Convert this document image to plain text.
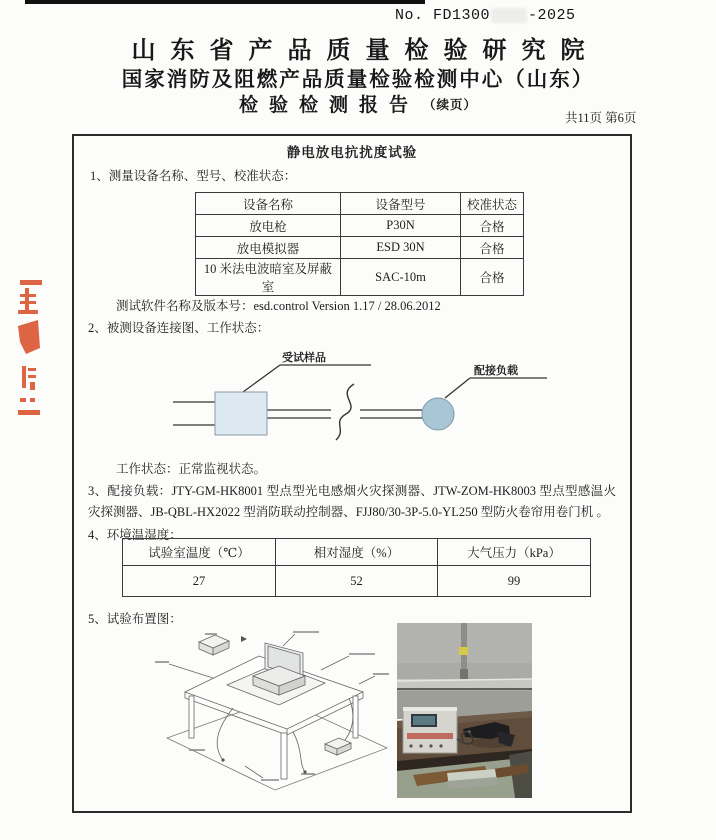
No. FD1300	-2025
山东省产品质量检验研究院
国家消防及阻燃产品质量检验检测中心（山东）
检验检测报告 （续页）
共11页 第6页
静电放电抗扰度试验
1、测量设备名称、型号、校准状态：
设备名称	设备型号	校准状态
放电枪	P30N	合格
放电模拟器	ESD 30N	合格
10 米法电波暗室及屏蔽室	SAC-10m	合格
测试软件名称及版本号：esd.control Version 1.17 / 28.06.2012
2、被测设备连接图、工作状态：
受试样品
配接负载
工作状态：正常监视状态。
3、配接负载：JTY-GM-HK8001 型点型光电感烟火灾探测器、JTW-ZOM-HK8003 型点型感温火灾探测器、JB-QBL-HX2022 型消防联动控制器、FJJ80/30-3P-5.0-YL250 型防火卷帘用卷门机 。
4、环境温湿度：
试验室温度（℃）	相对湿度（%）	大气压力（kPa）
27	52	99
5、试验布置图：
